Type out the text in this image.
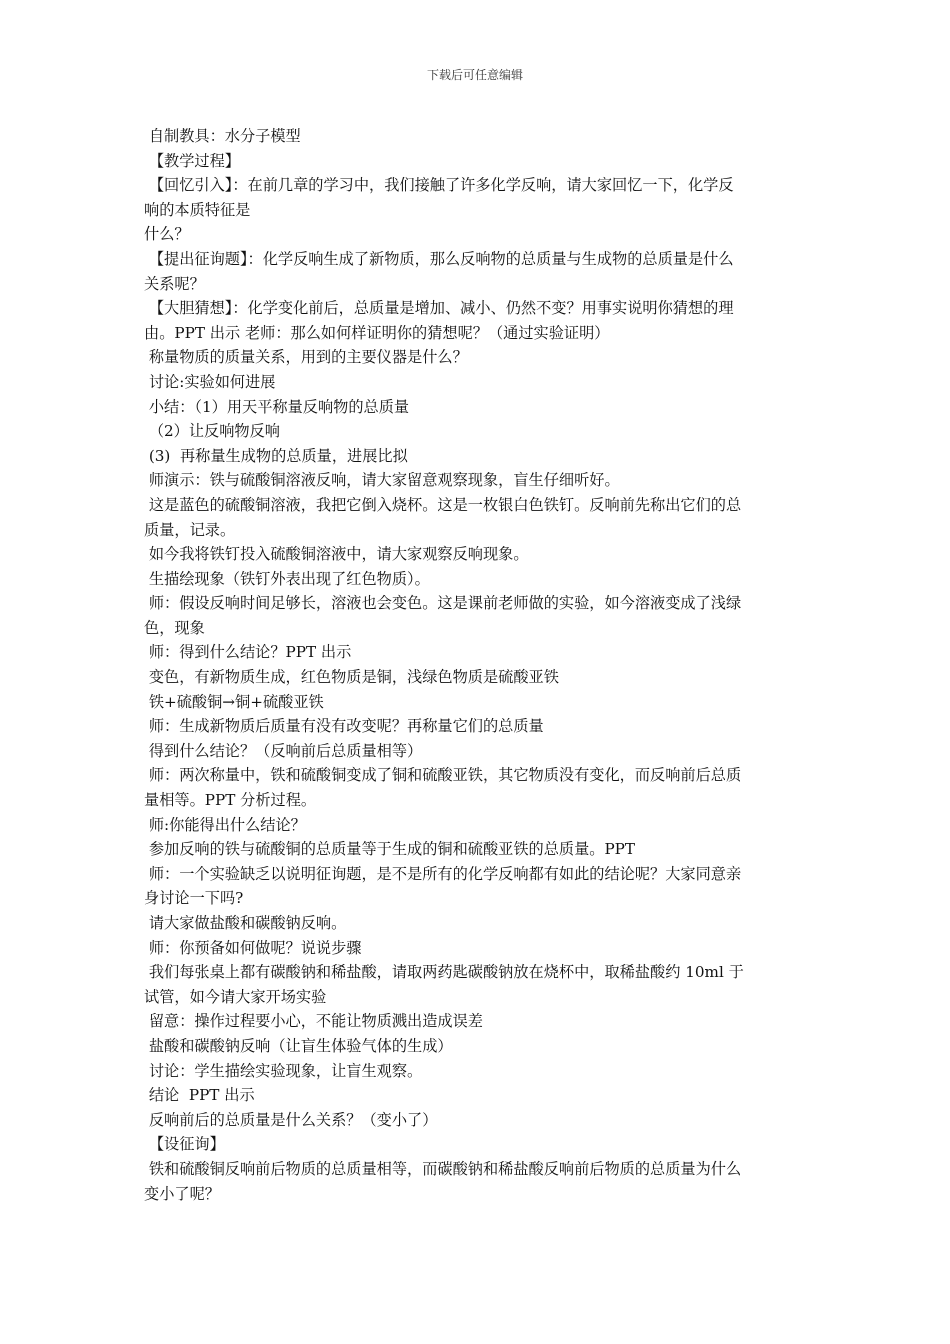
下载后可任意编辑
自制教具：水分子模型
【教学过程】
【回忆引入】：在前几章的学习中，我们接触了许多化学反响，请大家回忆一下，化学反
响的本质特征是
什么？
【提出征询题】：化学反响生成了新物质，那么反响物的总质量与生成物的总质量是什么
关系呢？
【大胆猜想】：化学变化前后，总质量是增加、减小、仍然不变？用事实说明你猜想的理
由。PPT 出示 老师：那么如何样证明你的猜想呢？（通过实验证明）
称量物质的质量关系，用到的主要仪器是什么？
讨论:实验如何进展
小结：（1）用天平称量反响物的总质量
（2）让反响物反响
(3)  再称量生成物的总质量，进展比拟
师演示：铁与硫酸铜溶液反响，请大家留意观察现象，盲生仔细听好。
这是蓝色的硫酸铜溶液，我把它倒入烧杯。这是一枚银白色铁钉。反响前先称出它们的总
质量，记录。
如今我将铁钉投入硫酸铜溶液中，请大家观察反响现象。
生描绘现象（铁钉外表出现了红色物质）。
师：假设反响时间足够长，溶液也会变色。这是课前老师做的实验，如今溶液变成了浅绿
色，现象
师：得到什么结论？PPT 出示
变色，有新物质生成，红色物质是铜，浅绿色物质是硫酸亚铁
铁+硫酸铜→铜+硫酸亚铁
师：生成新物质后质量有没有改变呢？再称量它们的总质量
得到什么结论？（反响前后总质量相等）
师：两次称量中，铁和硫酸铜变成了铜和硫酸亚铁，其它物质没有变化，而反响前后总质
量相等。PPT 分析过程。
师:你能得出什么结论？
参加反响的铁与硫酸铜的总质量等于生成的铜和硫酸亚铁的总质量。PPT
师：一个实验缺乏以说明征询题，是不是所有的化学反响都有如此的结论呢？大家同意亲
身讨论一下吗?
请大家做盐酸和碳酸钠反响。
师：你预备如何做呢？说说步骤
我们每张桌上都有碳酸钠和稀盐酸，请取两药匙碳酸钠放在烧杯中，取稀盐酸约 10ml 于
试管，如今请大家开场实验
留意：操作过程要小心，不能让物质溅出造成误差
盐酸和碳酸钠反响（让盲生体验气体的生成）
讨论：学生描绘实验现象，让盲生观察。
结论  PPT 出示
反响前后的总质量是什么关系？（变小了）
【设征询】
铁和硫酸铜反响前后物质的总质量相等，而碳酸钠和稀盐酸反响前后物质的总质量为什么
变小了呢？
